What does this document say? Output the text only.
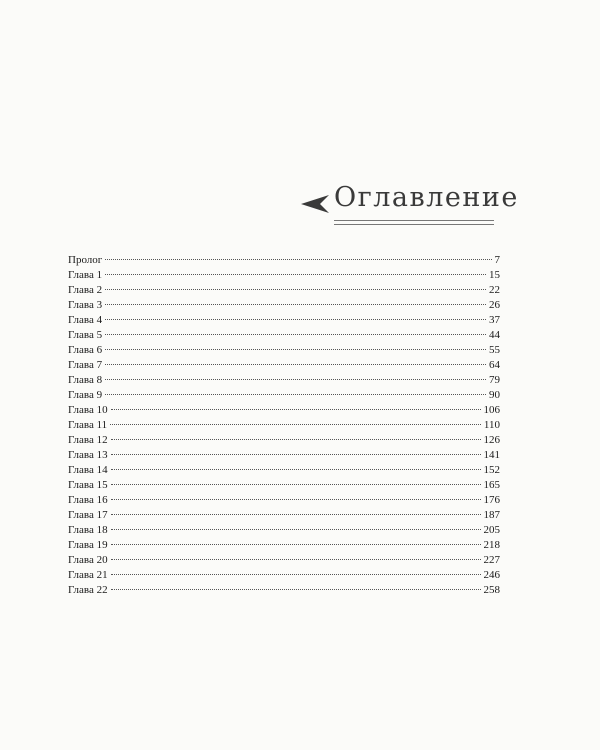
Оглавление
Пролог	7
Глава 1	15
Глава 2	22
Глава 3	26
Глава 4	37
Глава 5	44
Глава 6	55
Глава 7	64
Глава 8	79
Глава 9	90
Глава 10	106
Глава 11	110
Глава 12	126
Глава 13	141
Глава 14	152
Глава 15	165
Глава 16	176
Глава 17	187
Глава 18	205
Глава 19	218
Глава 20	227
Глава 21	246
Глава 22	258
